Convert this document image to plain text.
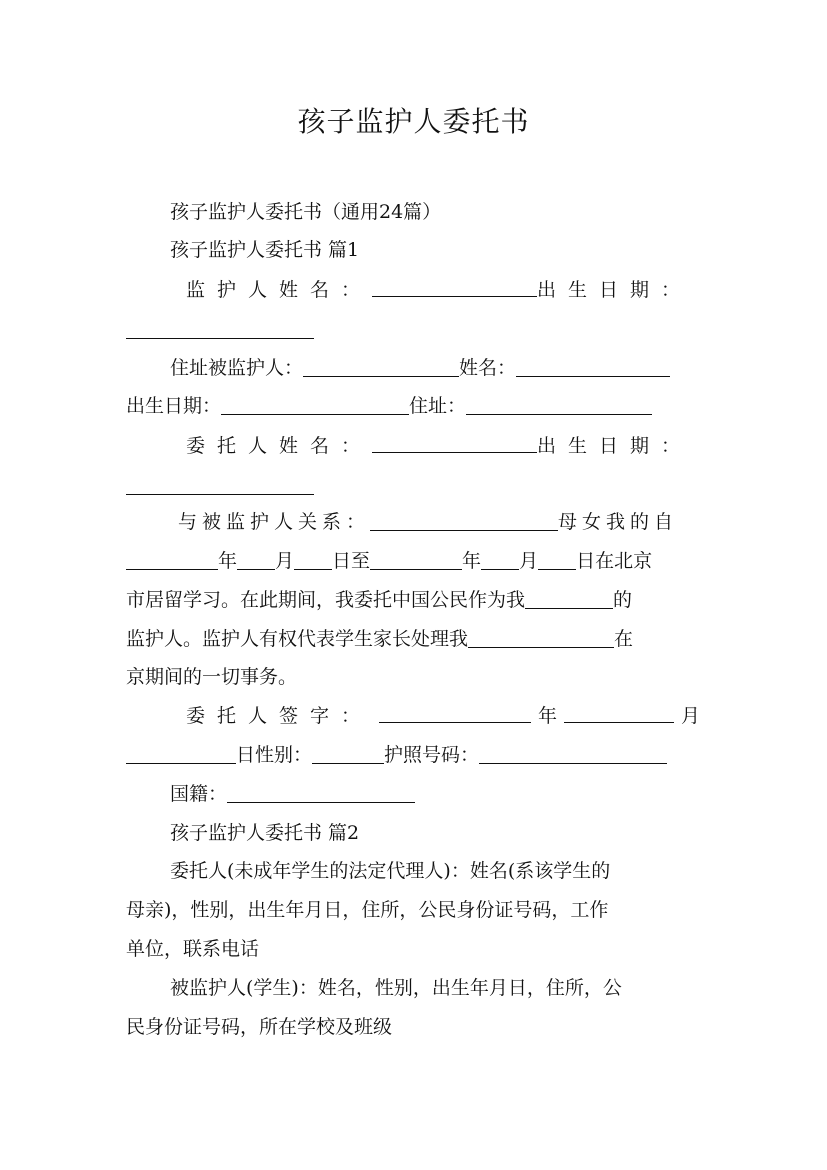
孩子监护人委托书
孩子监护人委托书（通用24篇）
孩子监护人委托书 篇1
监护人姓名：	出生日期：
住址被监护人：	姓名：
出生日期：	住址：
委托人姓名：	出生日期：
与被监护人关系：	母女我的自
年 月 日至	年 月 日在北京
市居留学习。在此期间，我委托中国公民作为我	的
监护人。监护人有权代表学生家长处理我	在
京期间的一切事务。
委托人签字：	年	月
日性别：	护照号码：
国籍：
孩子监护人委托书 篇2
委托人(未成年学生的法定代理人)：姓名(系该学生的
母亲)，性别，出生年月日，住所，公民身份证号码，工作
单位，联系电话
被监护人(学生)：姓名，性别，出生年月日，住所，公
民身份证号码，所在学校及班级
